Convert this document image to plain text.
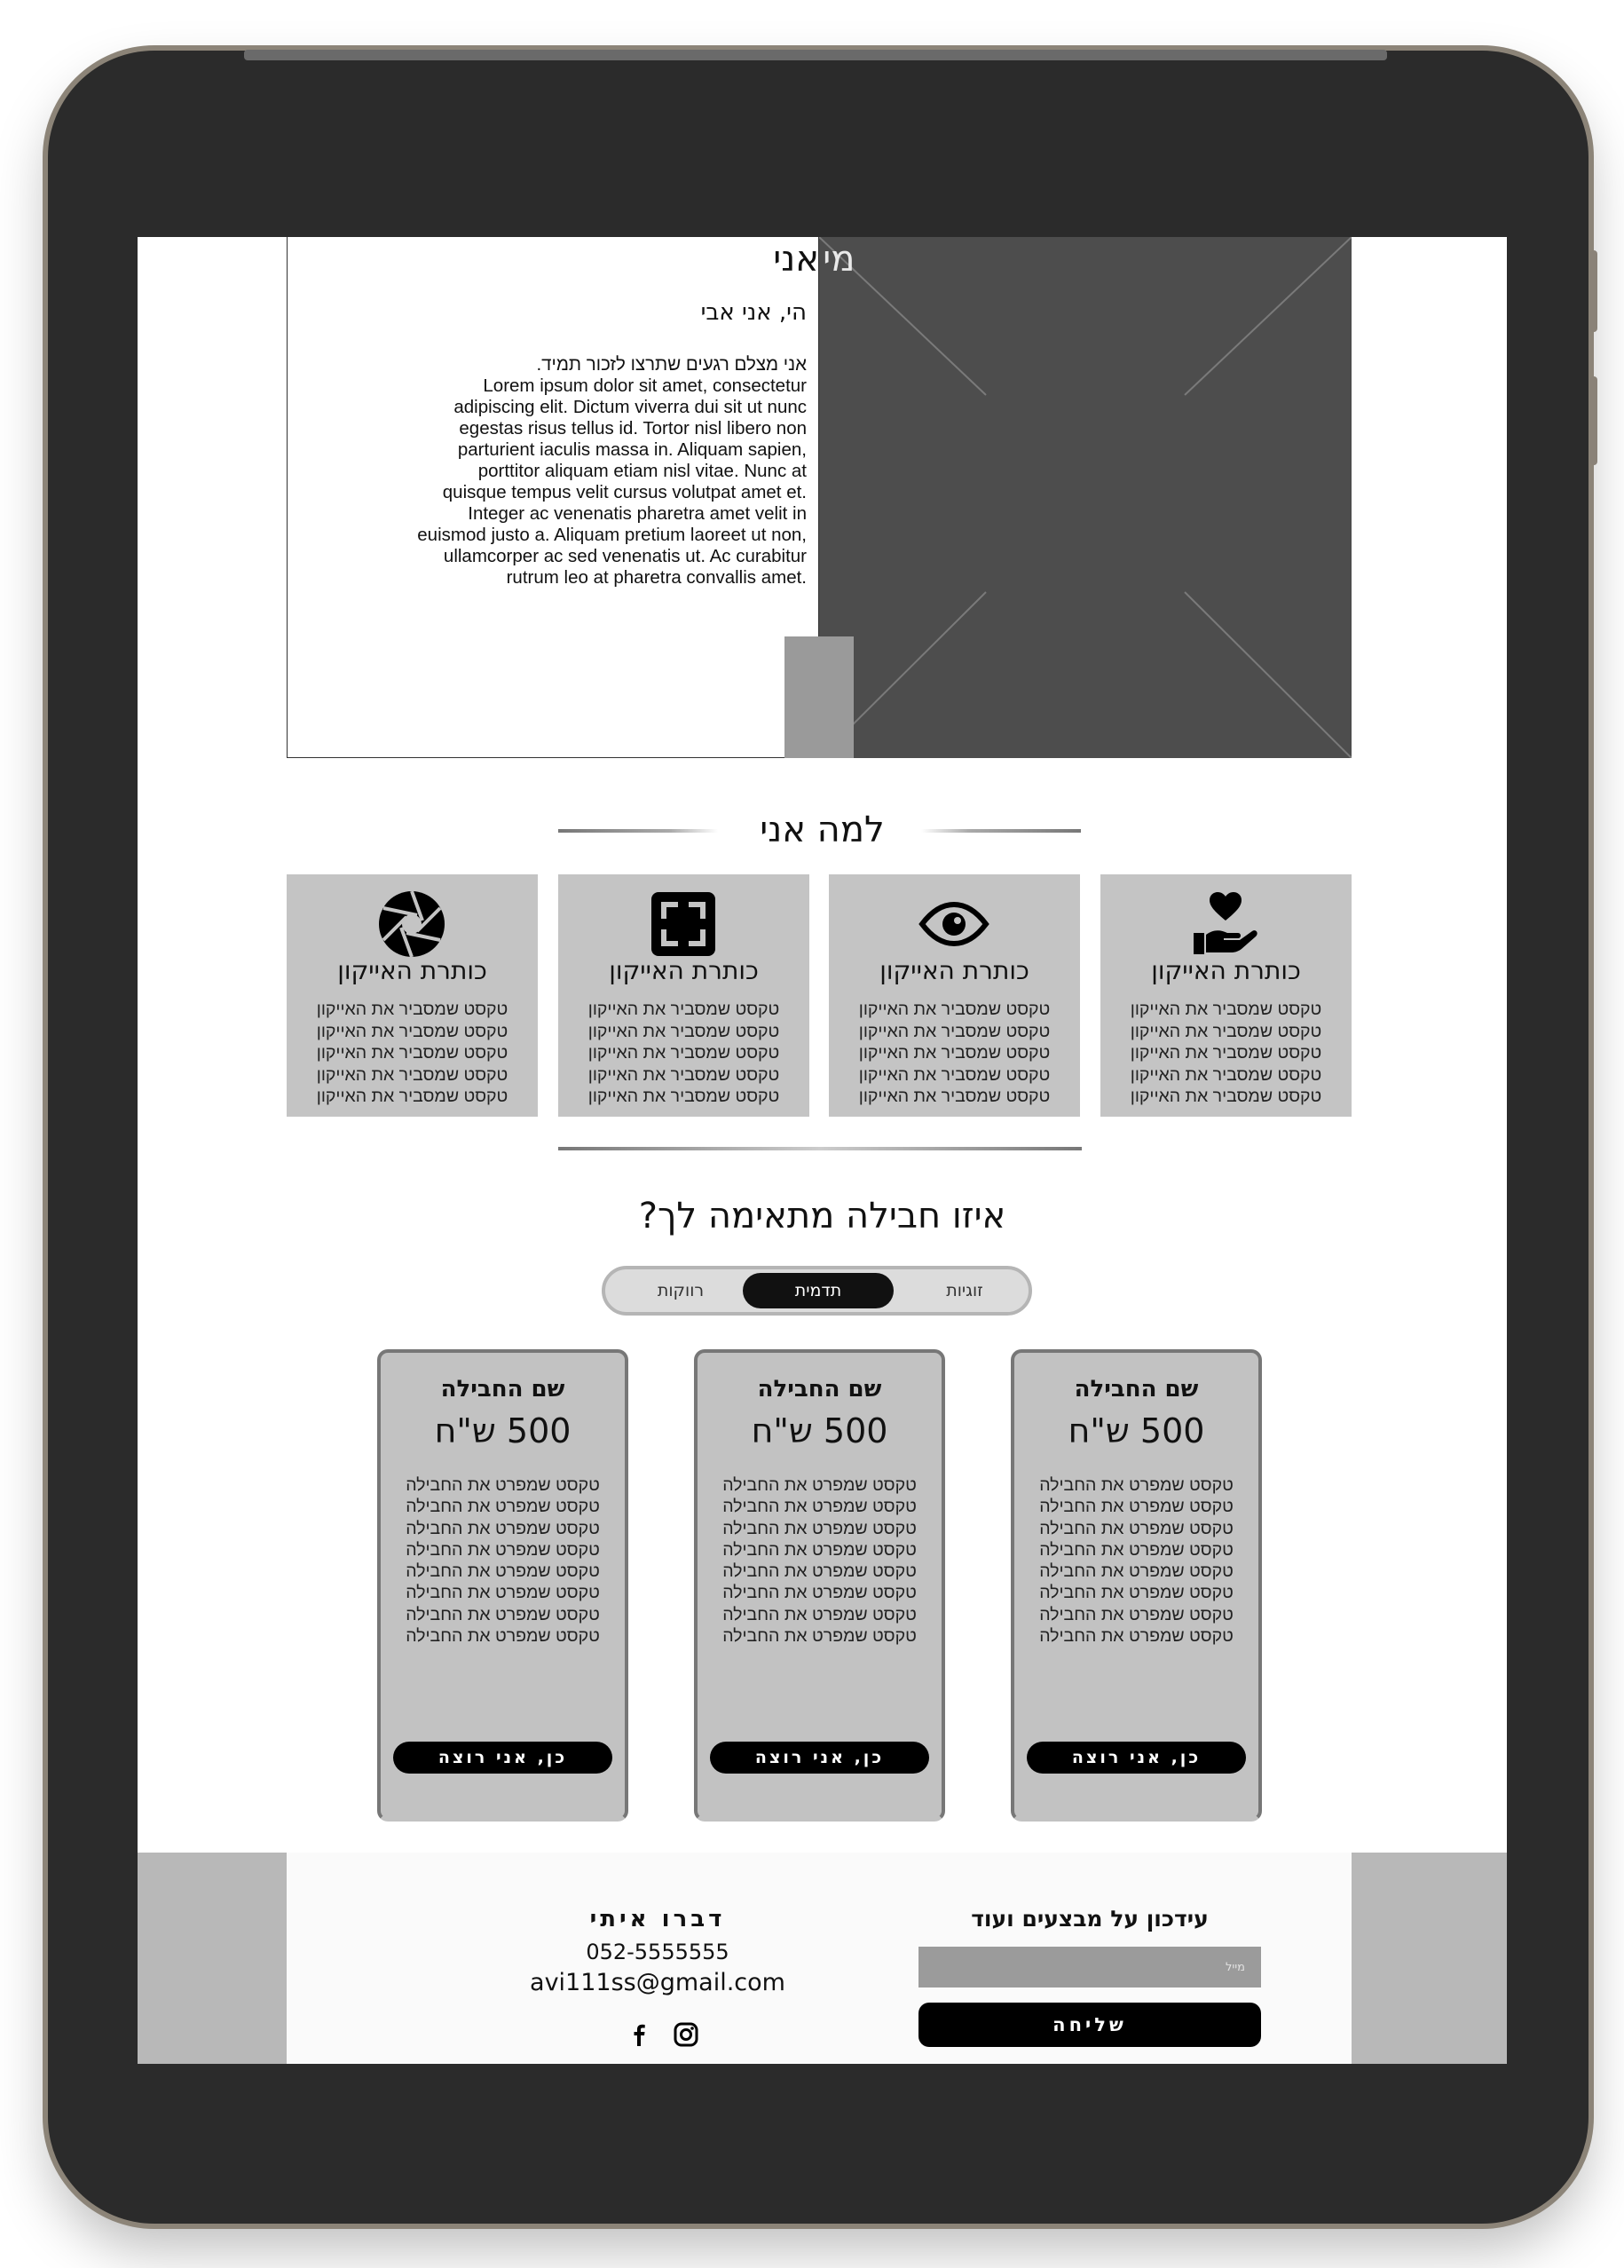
אני מי
הי, אני אבי

אני מצלם רגעים שתרצו לזכור תמיד.

Lorem ipsum dolor sit amet, consectetur

adipiscing elit. Dictum viverra dui sit ut nunc

egestas risus tellus id. Tortor nisl libero non

parturient iaculis massa in. Aliquam sapien,

porttitor aliquam etiam nisl vitae. Nunc at

quisque tempus velit cursus volutpat amet et.

Integer ac venenatis pharetra amet velit in

euismod justo a. Aliquam pretium laoreet ut non,

ullamcorper ac sed venenatis ut. Ac curabitur

rutrum leo at pharetra convallis amet.

למה אני
כותרת האייקון
טקסט שמסביר את האייקון
טקסט שמסביר את האייקון
טקסט שמסביר את האייקון
טקסט שמסביר את האייקון
טקסט שמסביר את האייקון
כותרת האייקון
טקסט שמסביר את האייקון
טקסט שמסביר את האייקון
טקסט שמסביר את האייקון
טקסט שמסביר את האייקון
טקסט שמסביר את האייקון
כותרת האייקון
טקסט שמסביר את האייקון
טקסט שמסביר את האייקון
טקסט שמסביר את האייקון
טקסט שמסביר את האייקון
טקסט שמסביר את האייקון
כותרת האייקון
טקסט שמסביר את האייקון
טקסט שמסביר את האייקון
טקסט שמסביר את האייקון
טקסט שמסביר את האייקון
טקסט שמסביר את האייקון
איזו חבילה מתאימה לך?
זוגיות
תדמית
רווקות
שם החבילה
500 ש"ח
טקסט שמפרט את החבילה
טקסט שמפרט את החבילה
טקסט שמפרט את החבילה
טקסט שמפרט את החבילה
טקסט שמפרט את החבילה
טקסט שמפרט את החבילה
טקסט שמפרט את החבילה
טקסט שמפרט את החבילה
כן, אני רוצה
שם החבילה
500 ש"ח
טקסט שמפרט את החבילה
טקסט שמפרט את החבילה
טקסט שמפרט את החבילה
טקסט שמפרט את החבילה
טקסט שמפרט את החבילה
טקסט שמפרט את החבילה
טקסט שמפרט את החבילה
טקסט שמפרט את החבילה
כן, אני רוצה
שם החבילה
500 ש"ח
טקסט שמפרט את החבילה
טקסט שמפרט את החבילה
טקסט שמפרט את החבילה
טקסט שמפרט את החבילה
טקסט שמפרט את החבילה
טקסט שמפרט את החבילה
טקסט שמפרט את החבילה
טקסט שמפרט את החבילה
כן, אני רוצה
דברו איתי
052-5555555
avi111ss@gmail.com
עידכון על מבצעים ועוד
מייל
שליחה
